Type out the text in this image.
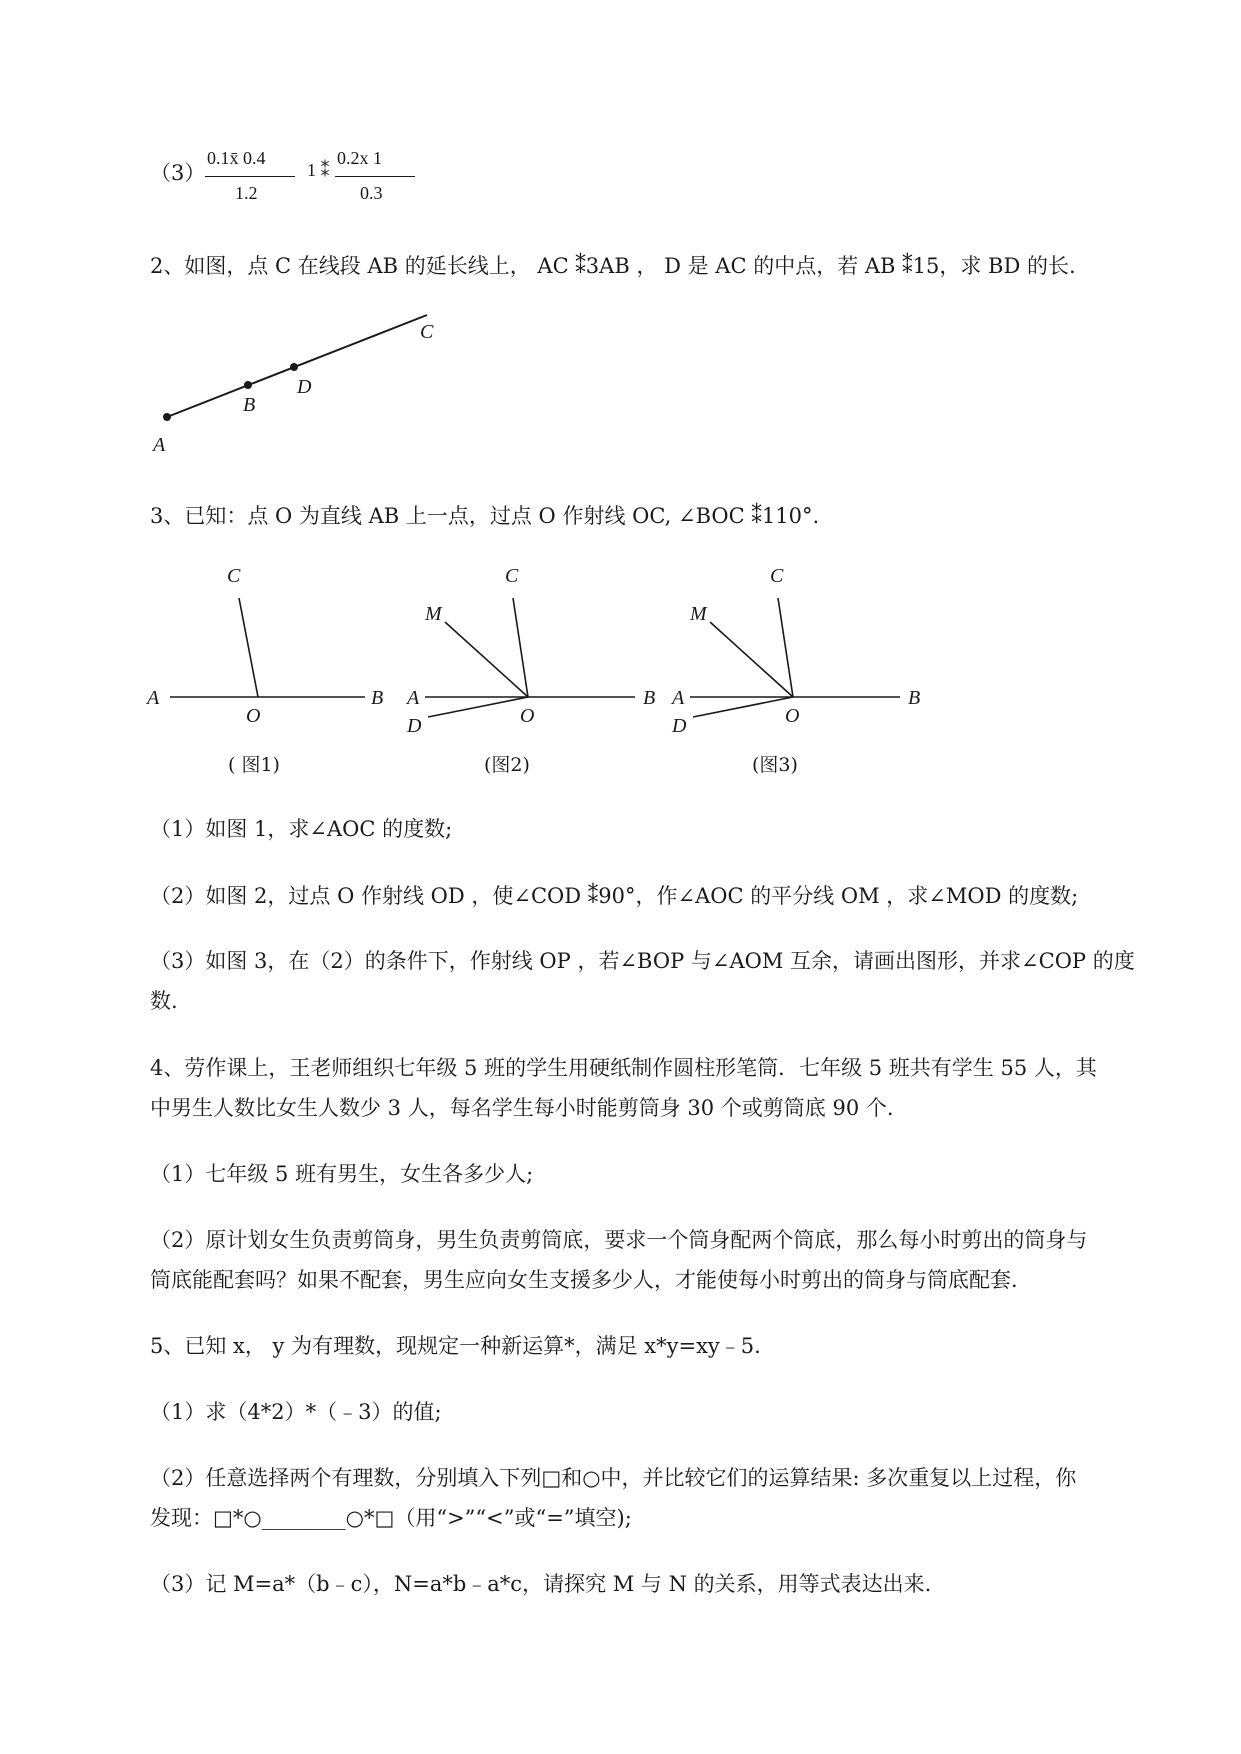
（3）
0.1x̄ 0.4
1.2
1 ⁑
0.2x 1
0.3
2、如图，点 C 在线段 AB 的延长线上， AC ⁑3AB ， D 是 AC 的中点，若 AB ⁑15，求 BD 的长.
A
B
D
C
3、已知：点 O 为直线 AB 上一点，过点 O 作射线 OC, ∠BOC ⁑110°.
A
O
B
C
( 图1)
A
O
B
C
M
D
(图2)
A
O
B
C
M
D
(图3)
（1）如图 1，求∠AOC 的度数;
（2）如图 2，过点 O 作射线 OD ，使∠COD ⁑90°，作∠AOC 的平分线 OM ，求∠MOD 的度数;
（3）如图 3，在（2）的条件下，作射线 OP ，若∠BOP 与∠AOM 互余，请画出图形，并求∠COP 的度
数.
4、劳作课上，王老师组织七年级 5 班的学生用硬纸制作圆柱形笔筒．七年级 5 班共有学生 55 人，其
中男生人数比女生人数少 3 人，每名学生每小时能剪筒身 30 个或剪筒底 90 个.
（1）七年级 5 班有男生，女生各多少人;
（2）原计划女生负责剪筒身，男生负责剪筒底，要求一个筒身配两个筒底，那么每小时剪出的筒身与
筒底能配套吗？如果不配套，男生应向女生支援多少人，才能使每小时剪出的筒身与筒底配套.
5、已知 x， y 为有理数，现规定一种新运算*，满足 x*y=xy﹣5.
（1）求（4*2）*（﹣3）的值;
（2）任意选择两个有理数，分别填入下列□和○中，并比较它们的运算结果: 多次重复以上过程，你
发现：□*○________○*□（用“>”“<”或“=”填空);
（3）记 M=a*（b﹣c），N=a*b﹣a*c，请探究 M 与 N 的关系，用等式表达出来.
